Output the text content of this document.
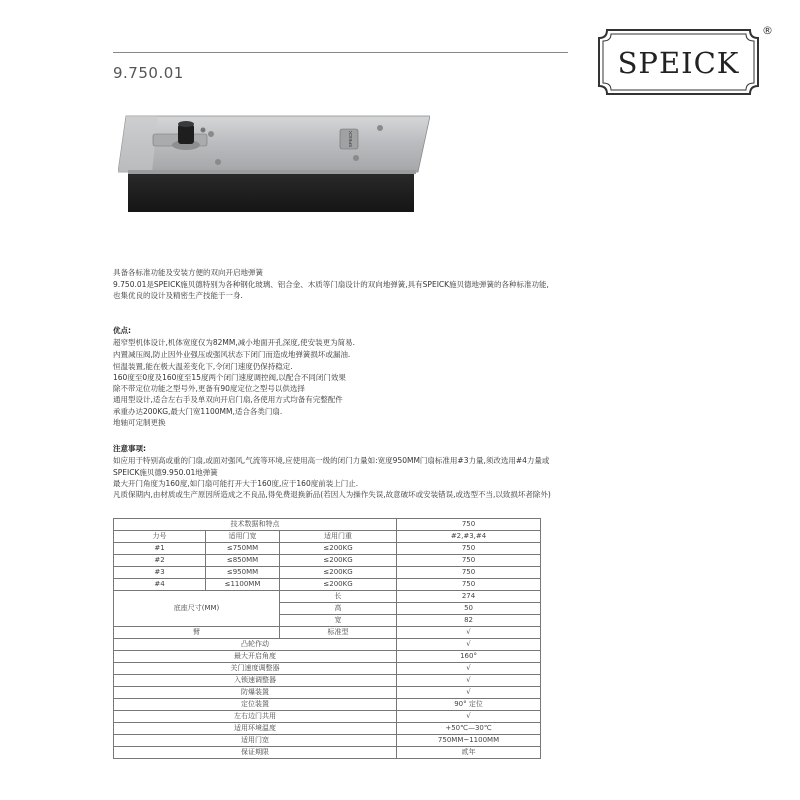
9.750.01	SPEICK
®
SPEICK
具备各标准功能及安装方便的双向开启地弹簧
9.750.01是SPEICK施贝德特别为各种钢化玻璃、铝合金、木质等门扇设计的双向地弹簧,具有SPEICK施贝德地弹簧的各种标准功能,
也集优良的设计及精密生产技能于一身.
优点:
超窄型机体设计,机体宽度仅为82MM,减小地面开孔深度,使安装更为简易.
内置减压阀,防止因外业强压或强风状态下闭门而造成地弹簧损坏或漏油.
恒温装置,能在极大温差变化下,令闭门速度仍保持稳定.
160度至0度及160度至15度两个闭门速度调控阀,以配合不同闭门效果
除不带定位功能之型号外,更备有90度定位之型号以供选择
通用型设计,适合左右手及单双向开启门扇,各使用方式均备有完整配件
承重办达200KG,最大门宽1100MM,适合各类门扇.
地轴可定制更换
注意事项:
如应用于特别高或重的门扇,或面对强风,气流等环境,应使用高一级的闭门力量如:宽度950MM门扇标准用#3力量,须改选用#4力量或
SPEICK施贝德9.950.01地弹簧
最大开门角度为160度,如门扇可能打开大于160度,应于160度前装上门止.
凡质保期内,由材质或生产原因所造成之不良品,得免费退换新品(若因人为操作失误,故意破坏或安装错误,或选型不当,以致损坏者除外)
技术数据和特点			750
力号	适用门宽	适用门重	#2,#3,#4
#1	≤750MM	≤200KG	750
#2	≤850MM	≤200KG	750
#3	≤950MM	≤200KG	750
#4	≤1100MM	≤200KG	750
底座尺寸(MM)		长	274
		高	50
		宽	82
臂		标准型	√
凸轮作动			√
最大开启角度			160°
关门速度调整器			√
入锁速调整器			√
防爆装置			√
定位装置			90° 定位
左右边门共用			√
适用环境温度			+50℃—30℃
适用门宽			750MM~1100MM
保证期限			贰年
